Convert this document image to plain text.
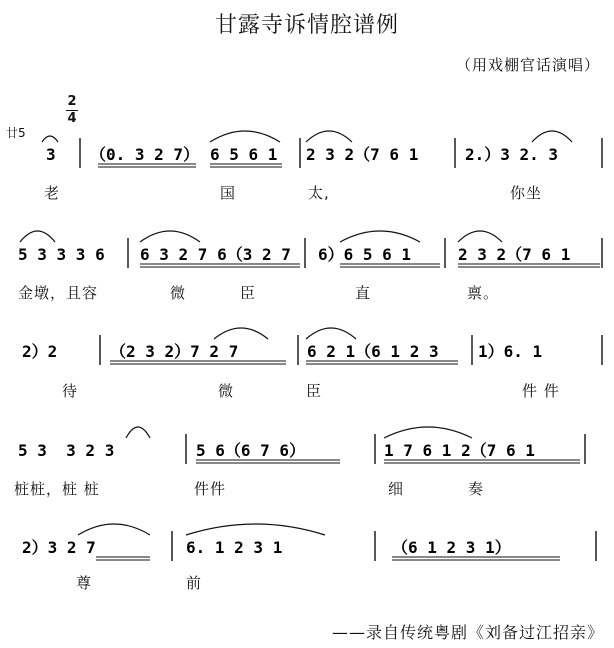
甘露寺诉情腔谱例
（用戏棚官话演唱）
廿5
2
4
3 （0. 3 2 7） 6 5 6 1 2 3 2（7 6 1	2.）3 2. 3
5 3 3 3 6 6 3 2 7 6（3 2 7 6）6 5 6 1	2 3 2（7 6 1
2）2	（2 3 2）7 2 7	6 2 1（6 1 2 3 1）6. 1
5 3  3 2 3	5 6（6 7 6）	1 7 6 1 2（7 6 1
2）3 2 7	6. 1 2 3 1	（6 1 2 3 1）
老	国	太,	你坐
金墩，且容	微	臣	直	禀。
待	微	臣	件 件
桩桩，桩 桩	件件	细	奏
尊	前
——录自传统粤剧《刘备过江招亲》
